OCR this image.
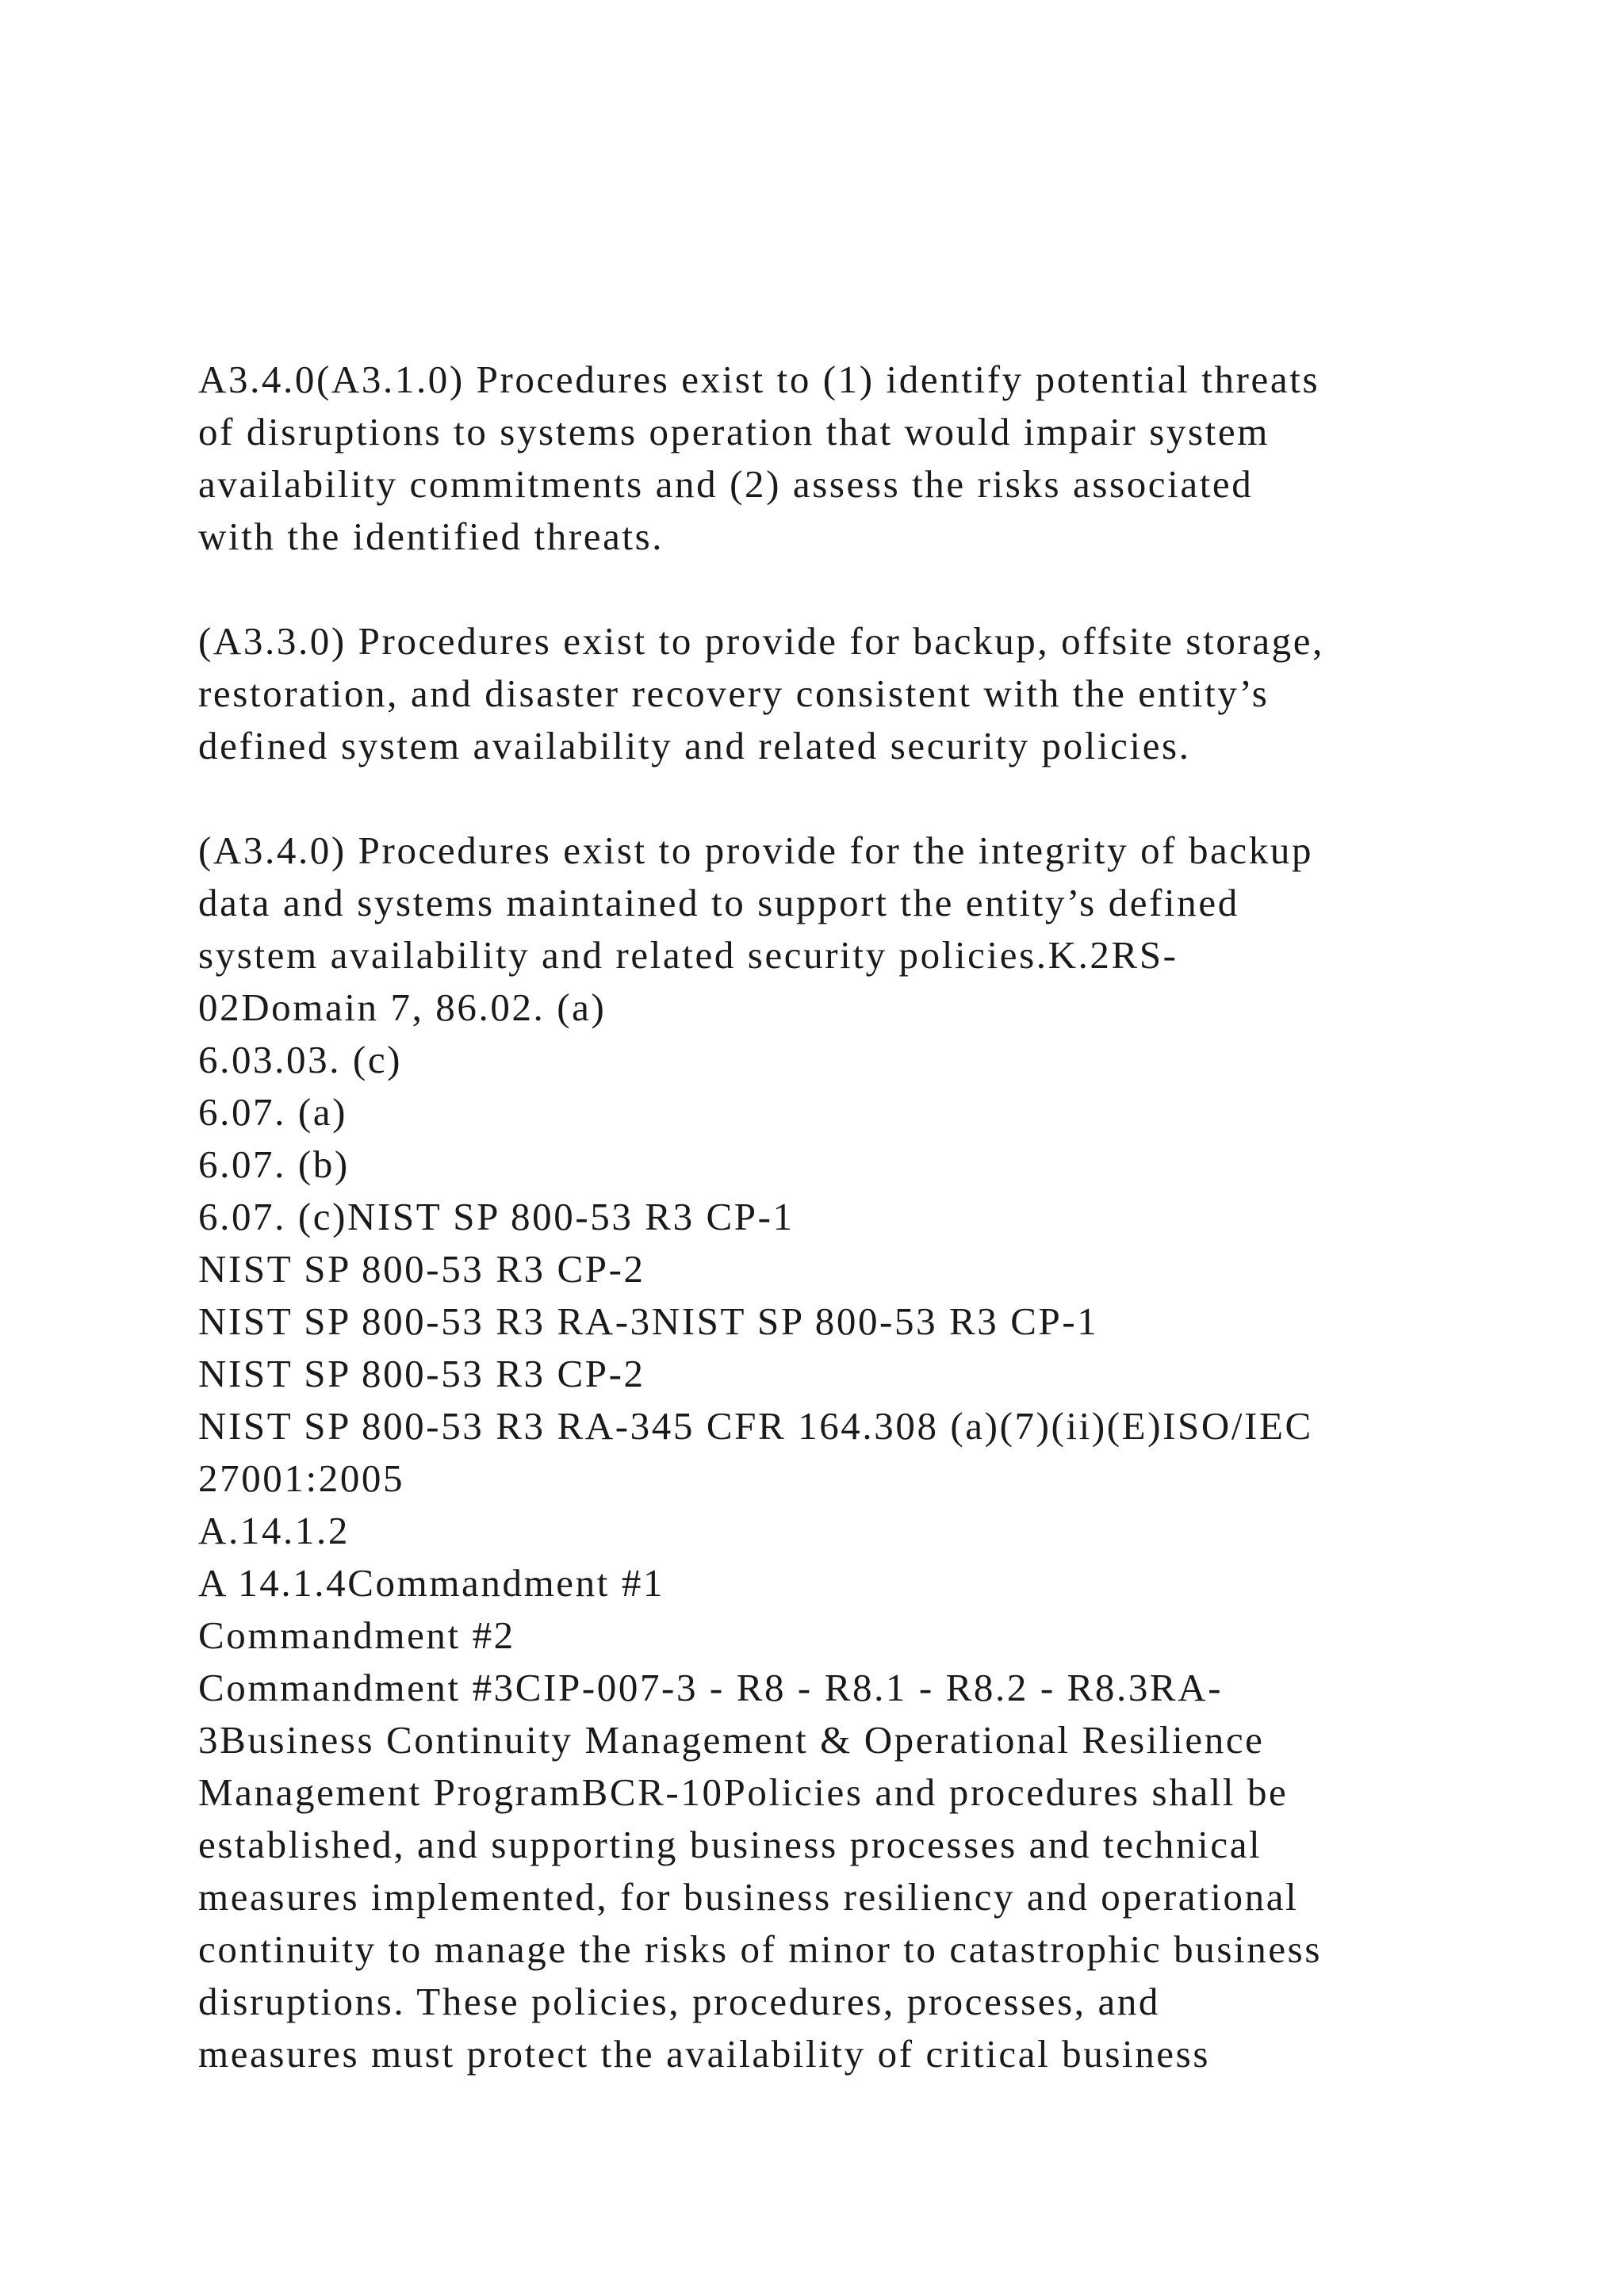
A3.4.0(A3.1.0) Procedures exist to (1) identify potential threats
of disruptions to systems operation that would impair system
availability commitments and (2) assess the risks associated
with the identified threats.
(A3.3.0) Procedures exist to provide for backup, offsite storage,
restoration, and disaster recovery consistent with the entity’s
defined system availability and related security policies.
(A3.4.0) Procedures exist to provide for the integrity of backup
data and systems maintained to support the entity’s defined
system availability and related security policies.K.2RS-
02Domain 7, 86.02. (a)
6.03.03. (c)
6.07. (a)
6.07. (b)
6.07. (c)NIST SP 800-53 R3 CP-1
NIST SP 800-53 R3 CP-2
NIST SP 800-53 R3 RA-3NIST SP 800-53 R3 CP-1
NIST SP 800-53 R3 CP-2
NIST SP 800-53 R3 RA-345 CFR 164.308 (a)(7)(ii)(E)ISO/IEC
27001:2005
A.14.1.2
A 14.1.4Commandment #1
Commandment #2
Commandment #3CIP-007-3 - R8 - R8.1 - R8.2 - R8.3RA-
3Business Continuity Management & Operational Resilience
Management ProgramBCR-10Policies and procedures shall be
established, and supporting business processes and technical
measures implemented, for business resiliency and operational
continuity to manage the risks of minor to catastrophic business
disruptions. These policies, procedures, processes, and
measures must protect the availability of critical business
